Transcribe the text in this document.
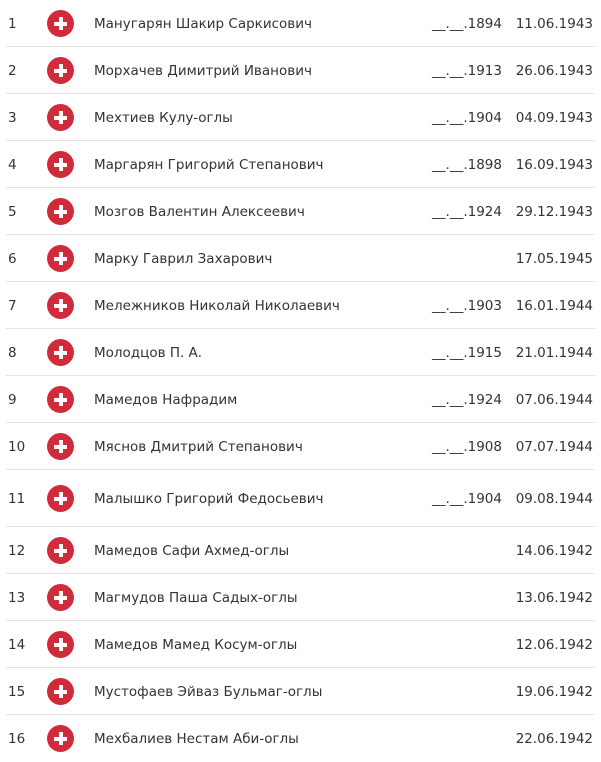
1	Манугарян Шакир Саркисович	__.__.1894 11.06.1943
2	Морхачев Димитрий Иванович	__.__.1913 26.06.1943
3	Мехтиев Кулу-оглы	__.__.1904 04.09.1943
4	Маргарян Григорий Степанович	__.__.1898 16.09.1943
5	Мозгов Валентин Алексеевич	__.__.1924 29.12.1943
6	Марку Гаврил Захарович	17.05.1945
7	Мележников Николай Николаевич	__.__.1903 16.01.1944
8	Молодцов П. А.	__.__.1915 21.01.1944
9	Мамедов Нафрадим	__.__.1924 07.06.1944
10	Мяснов Дмитрий Степанович	__.__.1908 07.07.1944
11	Малышко Григорий Федосьевич	__.__.1904 09.08.1944
12	Мамедов Сафи Ахмед-оглы	14.06.1942
13	Магмудов Паша Садых-оглы	13.06.1942
14	Мамедов Мамед Косум-оглы	12.06.1942
15	Мустофаев Эйваз Бульмаг-оглы	19.06.1942
16	Мехбалиев Нестам Аби-оглы	22.06.1942
